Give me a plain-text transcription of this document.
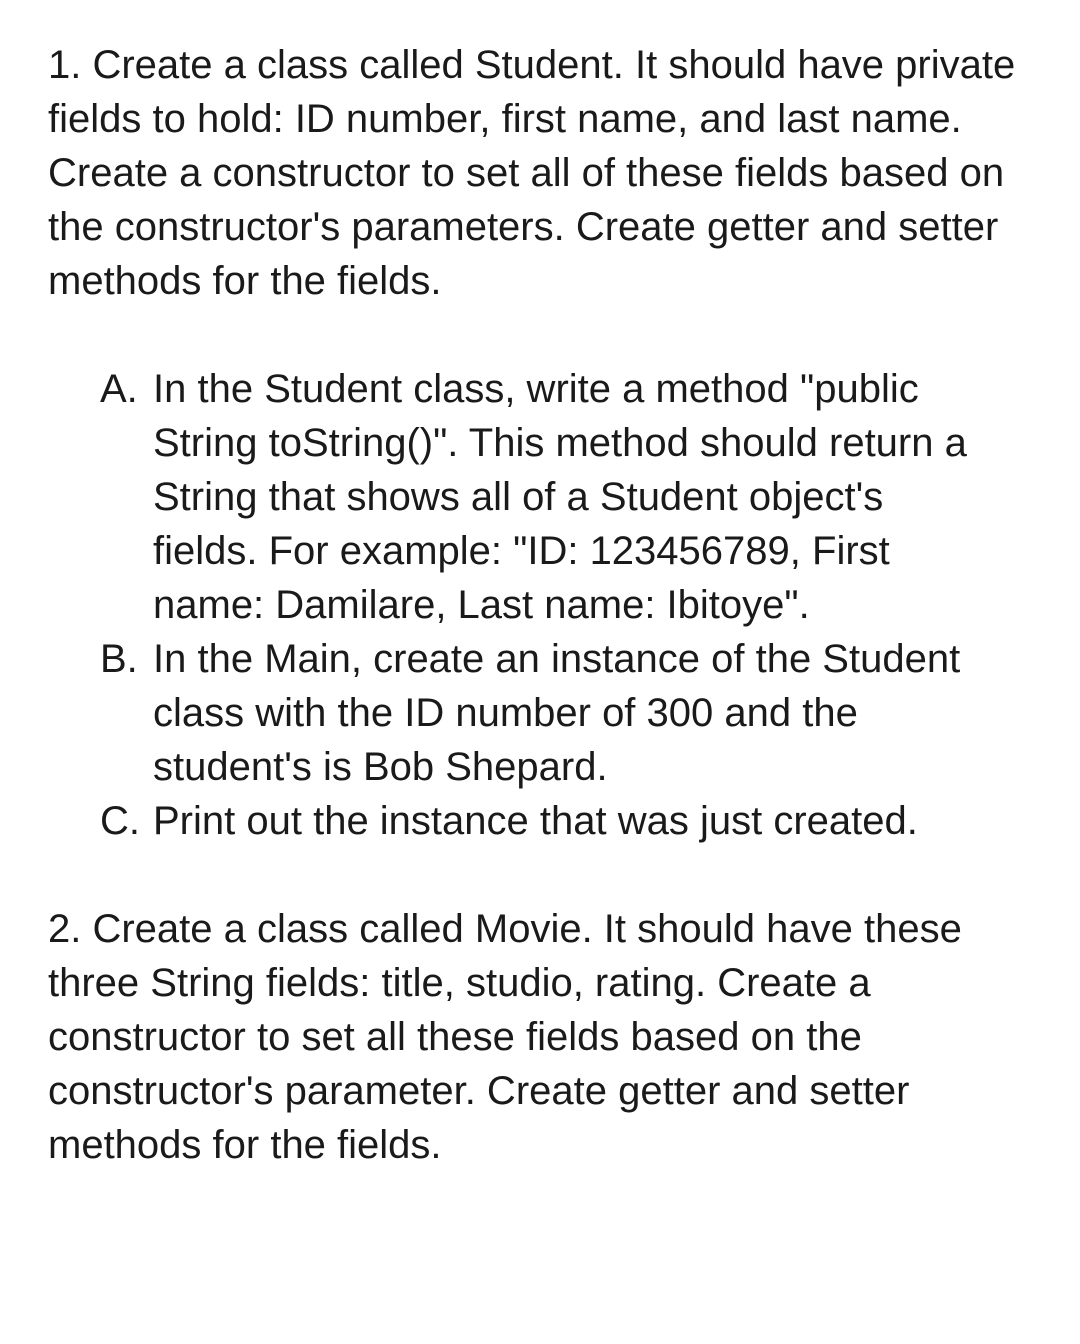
1. Create a class called Student. It should have private fields to hold: ID number, first name, and last name. Create a constructor to set all of these fields based on the constructor's parameters. Create getter and setter methods for the fields.

A. In the Student class, write a method "public String toString()". This method should return a String that shows all of a Student object's fields. For example: "ID: 123456789, First name: Damilare, Last name: Ibitoye".
B. In the Main, create an instance of the Student class with the ID number of 300 and the student's is Bob Shepard.
C. Print out the instance that was just created.

2. Create a class called Movie. It should have these three String fields: title, studio, rating. Create a constructor to set all these fields based on the constructor's parameter. Create getter and setter methods for the fields.
